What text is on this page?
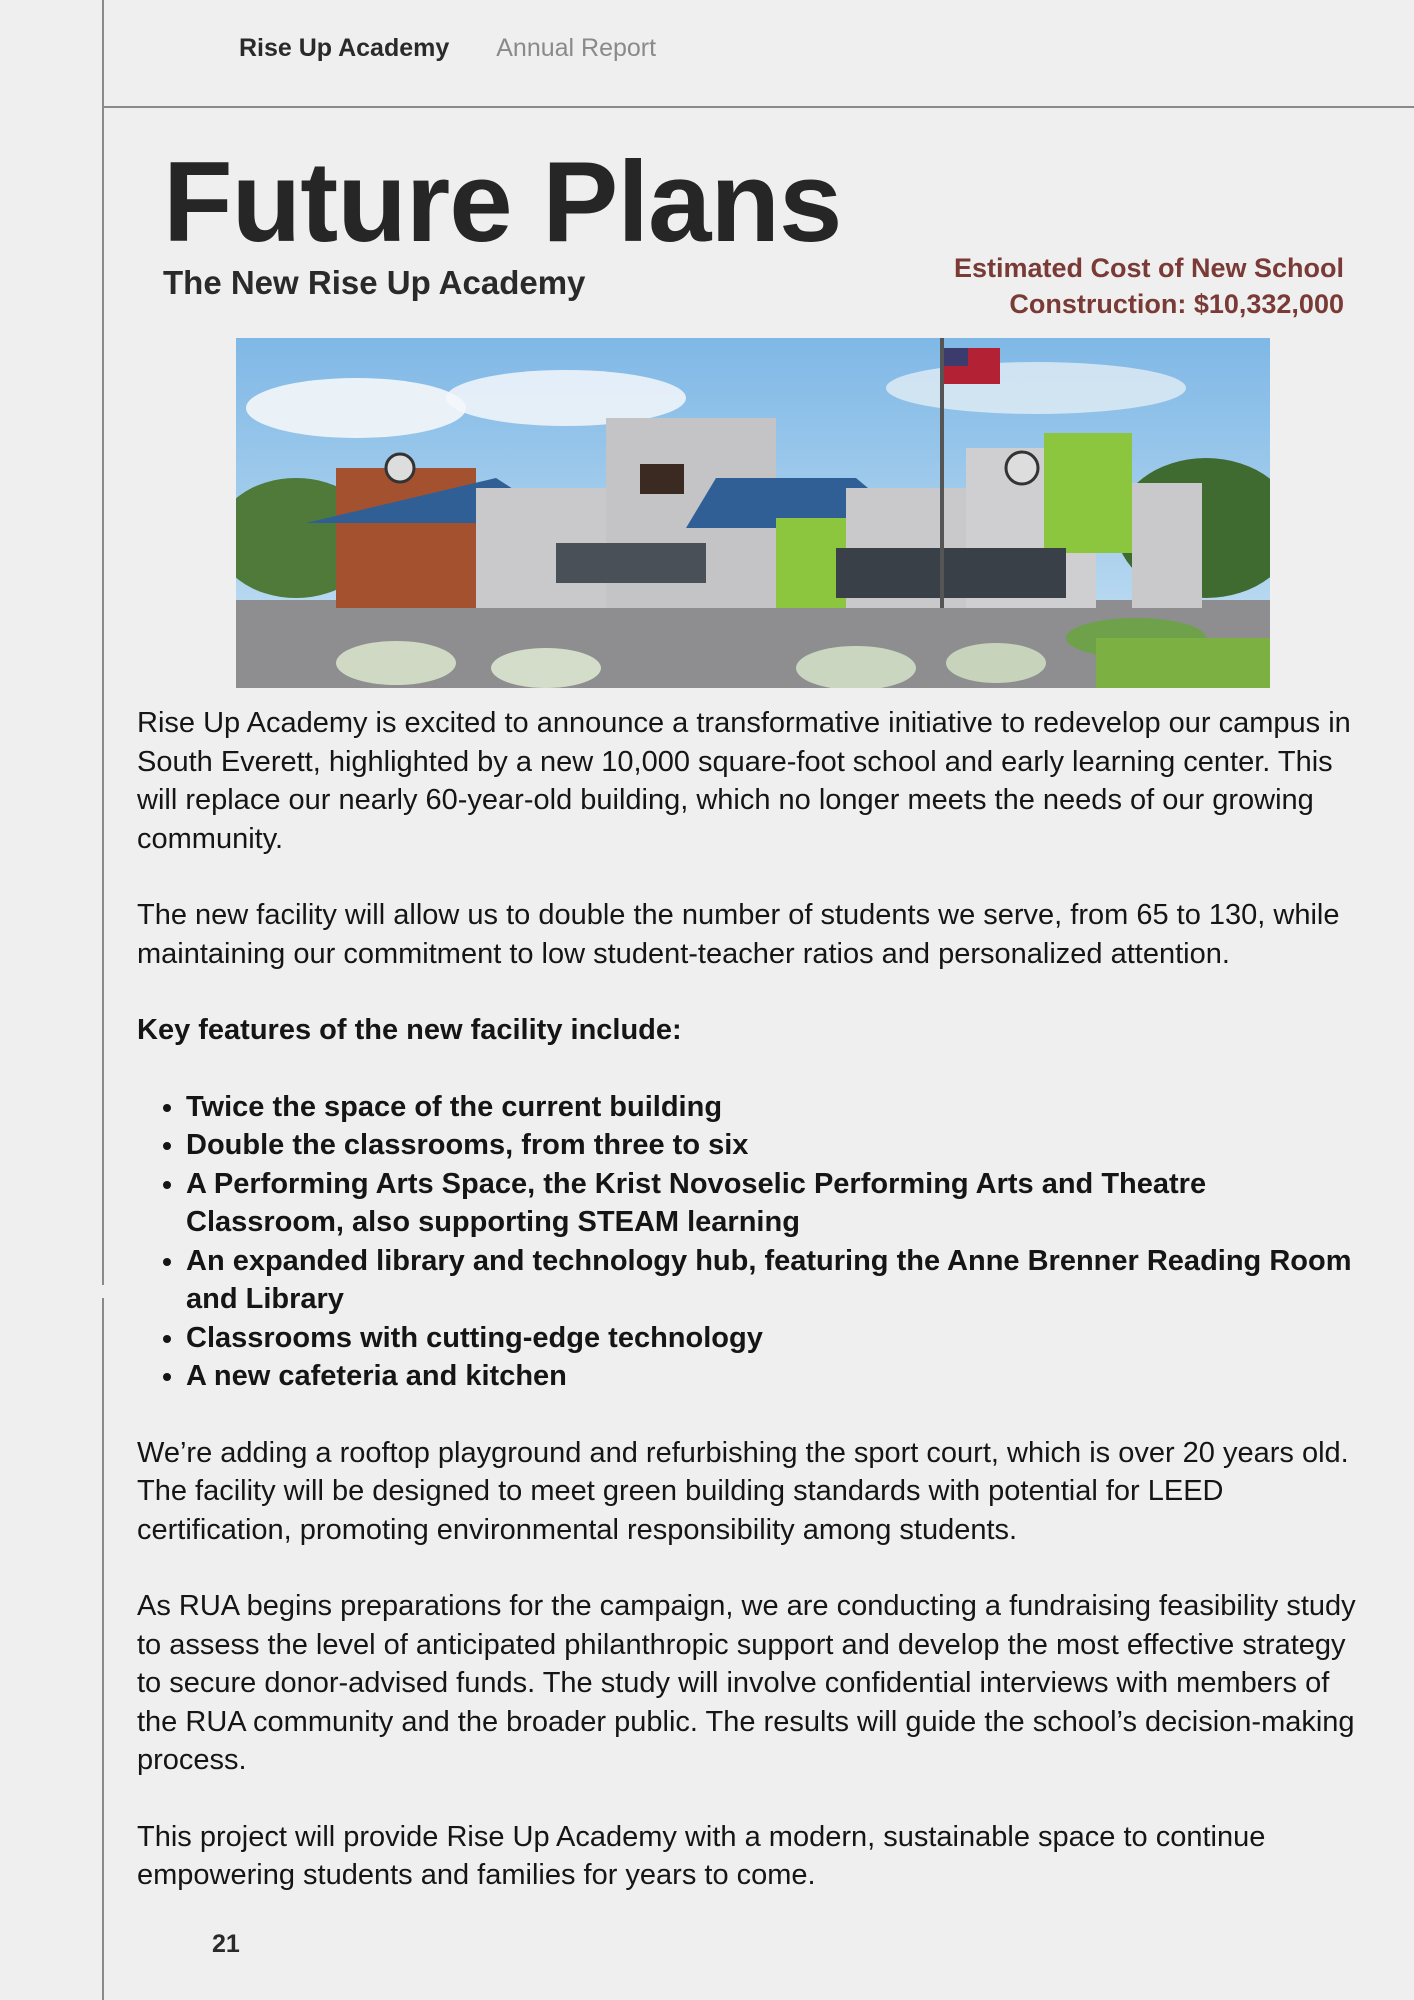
Rise Up Academy Annual Report
Future Plans
The New Rise Up Academy	Estimated Cost of New School
Construction: $10,332,000

Rise Up Academy is excited to announce a transformative initiative to redevelop our campus in South Everett, highlighted by a new 10,000 square-foot school and early learning center. This will replace our nearly 60-year-old building, which no longer meets the needs of our growing community.

The new facility will allow us to double the number of students we serve, from 65 to 130, while maintaining our commitment to low student-teacher ratios and personalized attention.

Key features of the new facility include:

• Twice the space of the current building
• Double the classrooms, from three to six
• A Performing Arts Space, the Krist Novoselic Performing Arts and Theatre Classroom, also supporting STEAM learning
• An expanded library and technology hub, featuring the Anne Brenner Reading Room and Library
• Classrooms with cutting-edge technology
• A new cafeteria and kitchen

We’re adding a rooftop playground and refurbishing the sport court, which is over 20 years old. The facility will be designed to meet green building standards with potential for LEED certification, promoting environmental responsibility among students.

As RUA begins preparations for the campaign, we are conducting a fundraising feasibility study to assess the level of anticipated philanthropic support and develop the most effective strategy to secure donor-advised funds. The study will involve confidential interviews with members of the RUA community and the broader public. The results will guide the school’s decision-making process.

This project will provide Rise Up Academy with a modern, sustainable space to continue empowering students and families for years to come.

21
